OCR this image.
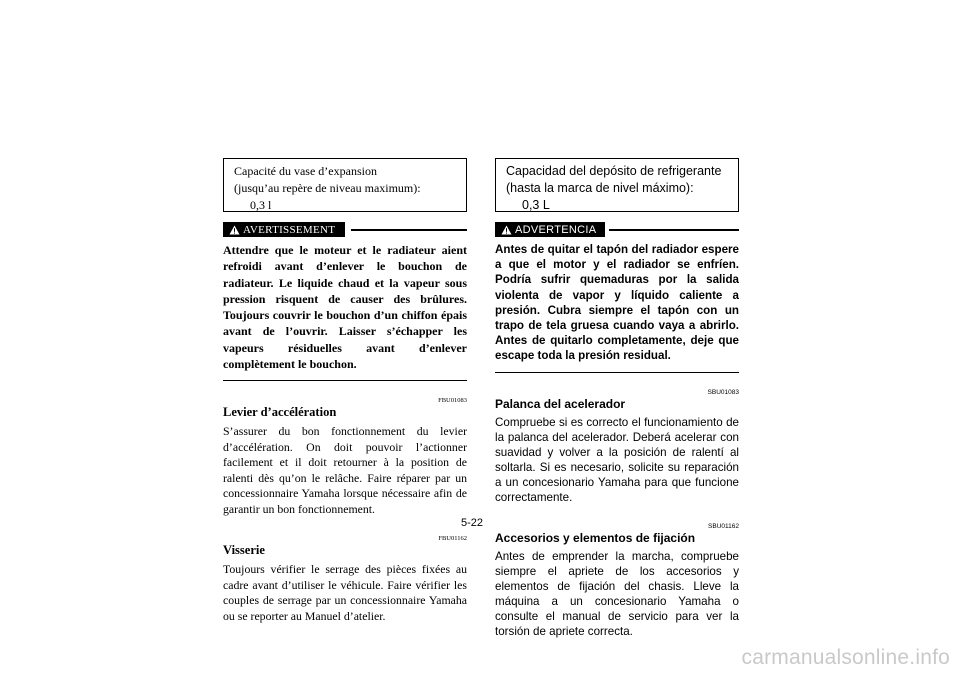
Capacité du vase d’expansion
(jusqu’au repère de niveau maximum):
0,3 l
AVERTISSEMENT
Attendre que le moteur et le radiateur aient refroidi avant d’enlever le bouchon de radiateur. Le liquide chaud et la vapeur sous pression risquent de causer des brûlures. Toujours couvrir le bouchon d’un chiffon épais avant de l’ouvrir. Laisser s’échapper les vapeurs résiduelles avant d’enlever complètement le bouchon.
FBU01083
Levier d’accélération

S’assurer du bon fonctionnement du levier d’accélération. On doit pouvoir l’actionner facilement et il doit retourner à la position de ralenti dès qu’on le relâche. Faire réparer par un concessionnaire Yamaha lorsque nécessaire afin de garantir un bon fonctionnement.

FBU01162
Visserie

Toujours vérifier le serrage des pièces fixées au cadre avant d’utiliser le véhicule. Faire vérifier les couples de serrage par un concessionnaire Yamaha ou se reporter au Manuel d’atelier.

Capacidad del depósito de refrigerante
(hasta la marca de nivel máximo):
0,3 L
ADVERTENCIA
Antes de quitar el tapón del radiador espere a que el motor y el radiador se enfríen. Podría sufrir quemaduras por la salida violenta de vapor y líquido caliente a presión. Cubra siempre el tapón con un trapo de tela gruesa cuando vaya a abrirlo. Antes de quitarlo completamente, deje que escape toda la presión residual.
SBU01083
Palanca del acelerador

Compruebe si es correcto el funcionamiento de la palanca del acelerador. Deberá acelerar con suavidad y volver a la posición de ralentí al soltarla. Si es necesario, solicite su reparación a un concesionario Yamaha para que funcione correctamente.

SBU01162
Accesorios y elementos de fijación

Antes de emprender la marcha, compruebe siempre el apriete de los accesorios y elementos de fijación del chasis. Lleve la máquina a un concesionario Yamaha o consulte el manual de servicio para ver la torsión de apriete correcta.

5-22
carmanualsonline.info
